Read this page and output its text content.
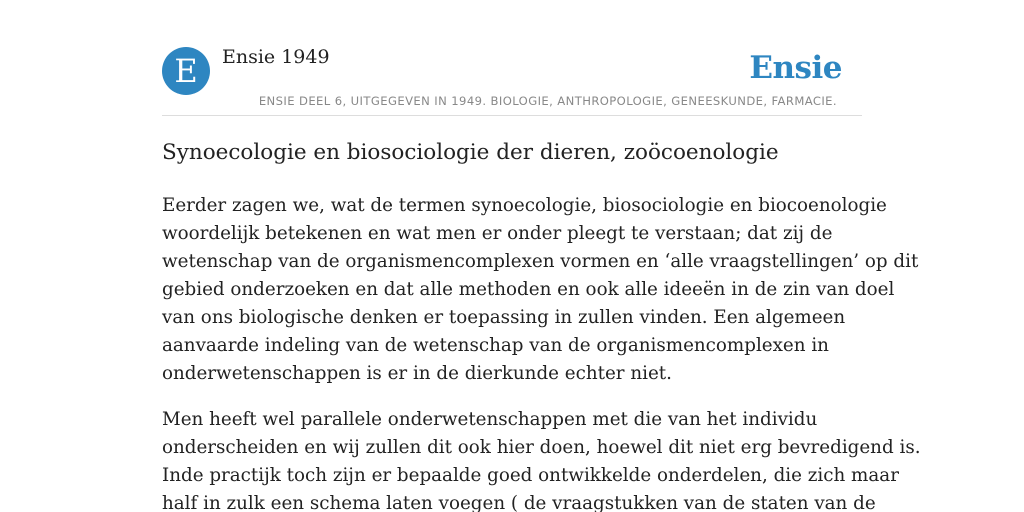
E	Ensie 1949	Ensie
ENSIE DEEL 6, UITGEGEVEN IN 1949. BIOLOGIE, ANTHROPOLOGIE, GENEESKUNDE, FARMACIE.
Synoecologie en biosociologie der dieren, zoöcoenologie

Eerder zagen we, wat de termen synoecologie, biosociologie en biocoenologie
woordelijk betekenen en wat men er onder pleegt te verstaan; dat zij de
wetenschap van de organismencomplexen vormen en ‘alle vraagstellingen’ op dit
gebied onderzoeken en dat alle methoden en ook alle ideeën in de zin van doel
van ons biologische denken er toepassing in zullen vinden. Een algemeen
aanvaarde indeling van de wetenschap van de organismencomplexen in
onderwetenschappen is er in de dierkunde echter niet.

Men heeft wel parallele onderwetenschappen met die van het individu
onderscheiden en wij zullen dit ook hier doen, hoewel dit niet erg bevredigend is.
Inde practijk toch zijn er bepaalde goed ontwikkelde onderdelen, die zich maar
half in zulk een schema laten voegen ( de vraagstukken van de staten van de
